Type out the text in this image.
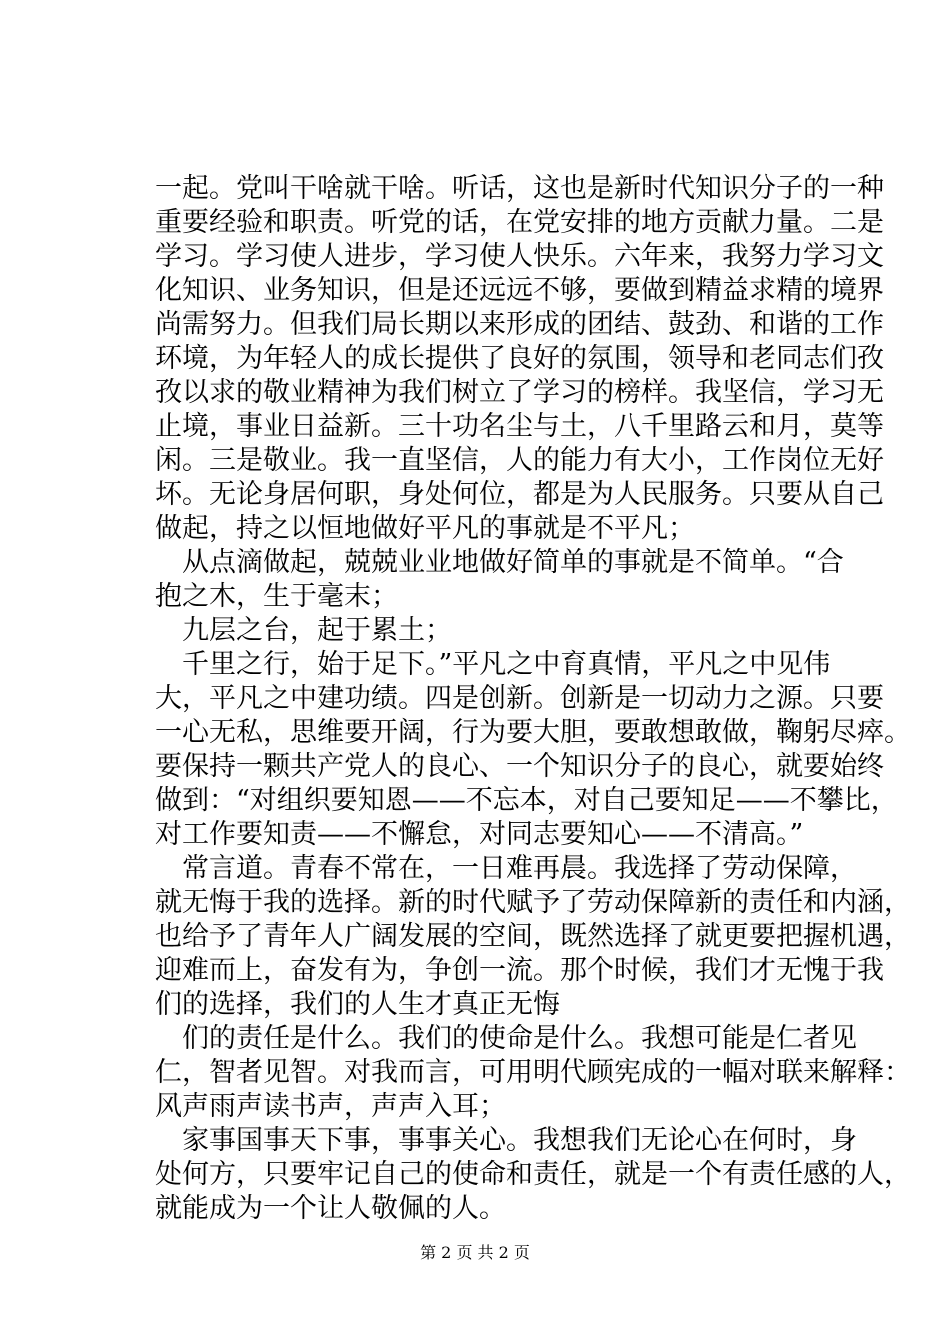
一起。党叫干啥就干啥。听话，这也是新时代知识分子的一种
重要经验和职责。听党的话，在党安排的地方贡献力量。二是
学习。学习使人进步，学习使人快乐。六年来，我努力学习文
化知识、业务知识，但是还远远不够，要做到精益求精的境界
尚需努力。但我们局长期以来形成的团结、鼓劲、和谐的工作
环境，为年轻人的成长提供了良好的氛围，领导和老同志们孜
孜以求的敬业精神为我们树立了学习的榜样。我坚信，学习无
止境，事业日益新。三十功名尘与土，八千里路云和月，莫等
闲。三是敬业。我一直坚信，人的能力有大小，工作岗位无好
坏。无论身居何职，身处何位，都是为人民服务。只要从自己
做起，持之以恒地做好平凡的事就是不平凡；
从点滴做起，兢兢业业地做好简单的事就是不简单。“合
抱之木，生于毫末；
九层之台，起于累土；
千里之行，始于足下。”平凡之中育真情，平凡之中见伟
大，平凡之中建功绩。四是创新。创新是一切动力之源。只要
一心无私，思维要开阔，行为要大胆，要敢想敢做，鞠躬尽瘁。
要保持一颗共产党人的良心、一个知识分子的良心，就要始终
做到：“对组织要知恩——不忘本，对自己要知足——不攀比，
对工作要知责——不懈怠，对同志要知心——不清高。”
常言道。青春不常在，一日难再晨。我选择了劳动保障，
就无悔于我的选择。新的时代赋予了劳动保障新的责任和内涵，
也给予了青年人广阔发展的空间，既然选择了就更要把握机遇，
迎难而上，奋发有为，争创一流。那个时候，我们才无愧于我
们的选择，我们的人生才真正无悔
们的责任是什么。我们的使命是什么。我想可能是仁者见
仁，智者见智。对我而言，可用明代顾宪成的一幅对联来解释：
风声雨声读书声，声声入耳；
家事国事天下事，事事关心。我想我们无论心在何时，身
处何方，只要牢记自己的使命和责任，就是一个有责任感的人，
就能成为一个让人敬佩的人。
第 2 页 共 2 页
